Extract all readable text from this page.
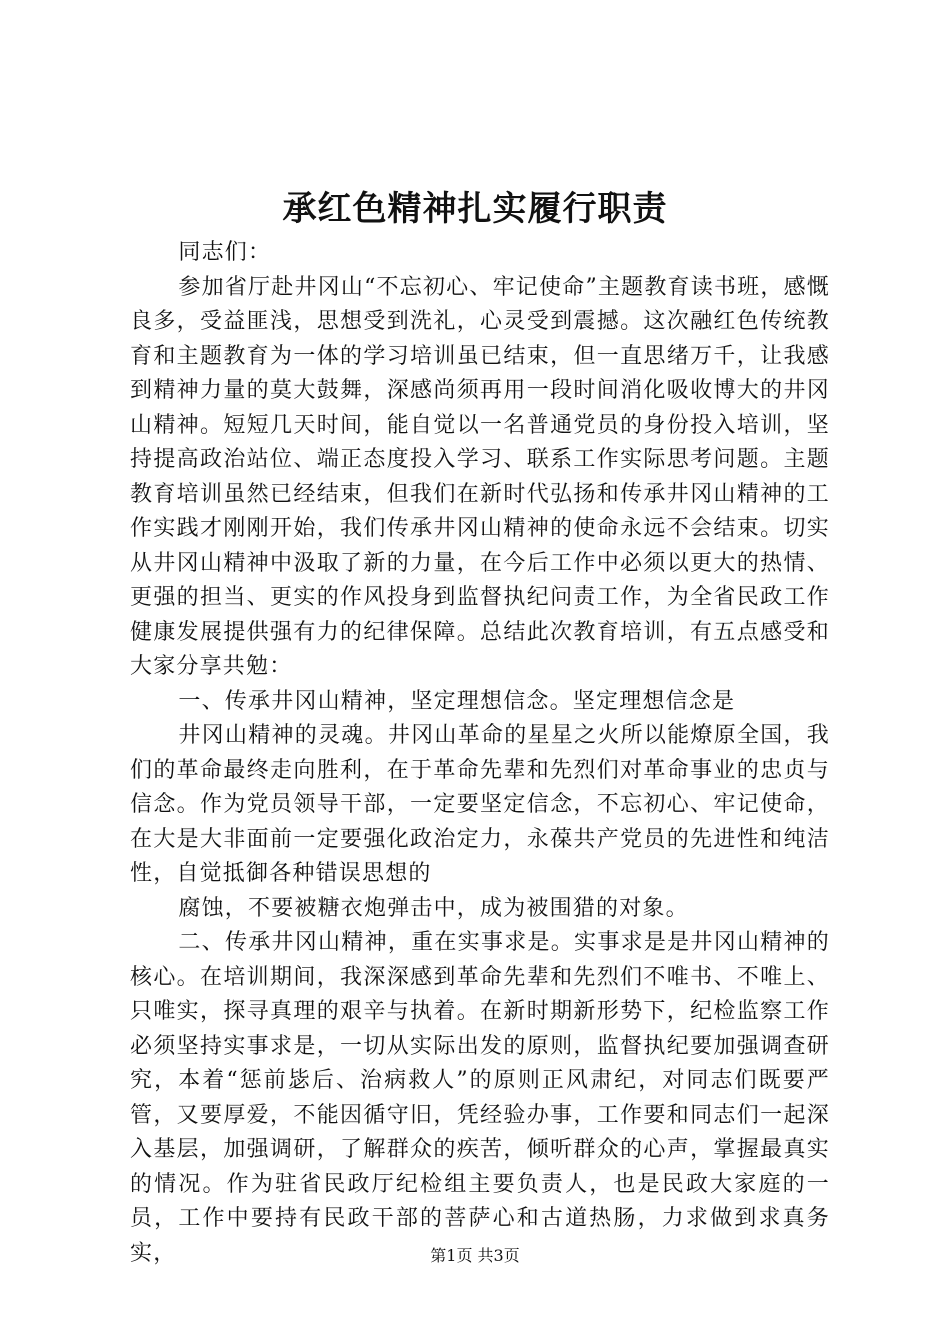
承红色精神扎实履行职责

同志们：

参加省厅赴井冈山“不忘初心、牢记使命”主题教育读书班，感慨良多，受益匪浅，思想受到洗礼，心灵受到震撼。这次融红色传统教育和主题教育为一体的学习培训虽已结束，但一直思绪万千，让我感到精神力量的莫大鼓舞，深感尚须再用一段时间消化吸收博大的井冈山精神。短短几天时间，能自觉以一名普通党员的身份投入培训，坚持提高政治站位、端正态度投入学习、联系工作实际思考问题。主题教育培训虽然已经结束，但我们在新时代弘扬和传承井冈山精神的工作实践才刚刚开始，我们传承井冈山精神的使命永远不会结束。切实从井冈山精神中汲取了新的力量，在今后工作中必须以更大的热情、更强的担当、更实的作风投身到监督执纪问责工作，为全省民政工作健康发展提供强有力的纪律保障。总结此次教育培训，有五点感受和大家分享共勉：

一、传承井冈山精神，坚定理想信念。坚定理想信念是

井冈山精神的灵魂。井冈山革命的星星之火所以能燎原全国，我们的革命最终走向胜利，在于革命先辈和先烈们对革命事业的忠贞与信念。作为党员领导干部，一定要坚定信念，不忘初心、牢记使命，在大是大非面前一定要强化政治定力，永葆共产党员的先进性和纯洁性，自觉抵御各种错误思想的

腐蚀，不要被糖衣炮弹击中，成为被围猎的对象。

二、传承井冈山精神，重在实事求是。实事求是是井冈山精神的核心。在培训期间，我深深感到革命先辈和先烈们不唯书、不唯上、只唯实，探寻真理的艰辛与执着。在新时期新形势下，纪检监察工作必须坚持实事求是，一切从实际出发的原则，监督执纪要加强调查研究，本着“惩前毖后、治病救人”的原则正风肃纪，对同志们既要严管，又要厚爱，不能因循守旧，凭经验办事，工作要和同志们一起深入基层，加强调研，了解群众的疾苦，倾听群众的心声，掌握最真实的情况。作为驻省民政厅纪检组主要负责人，也是民政大家庭的一员，工作中要持有民政干部的菩萨心和古道热肠，力求做到求真务实，	第1页 共3页
